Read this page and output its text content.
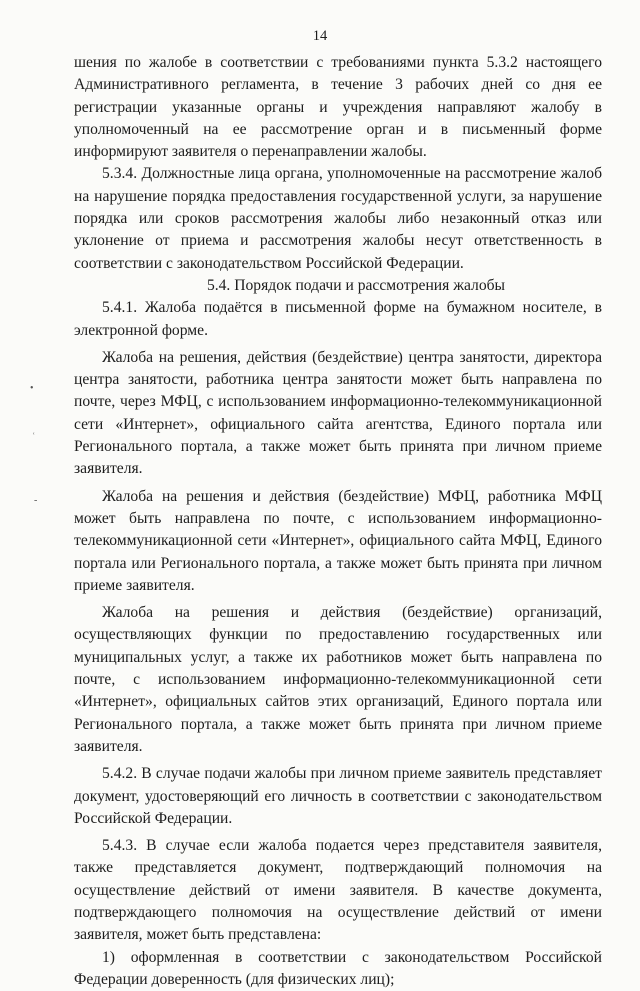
14
•
ʿ
-

шения по жалобе в соответствии с требованиями пункта 5.3.2 настоящего Административного регламента, в течение 3 рабочих дней со дня ее регистрации указанные органы и учреждения направляют жалобу в уполномоченный на ее рассмотрение орган и в письменный форме информируют заявителя о перенаправлении жалобы.

5.3.4. Должностные лица органа, уполномоченные на рассмотрение жалоб на нарушение порядка предоставления государственной услуги, за нарушение порядка или сроков рассмотрения жалобы либо незаконный отказ или уклонение от приема и рассмотрения жалобы несут ответственность в соответствии с законодательством Российской Федерации.

5.4. Порядок подачи и рассмотрения жалобы

5.4.1. Жалоба подаётся в письменной форме на бумажном носителе, в электронной форме.

Жалоба на решения, действия (бездействие) центра занятости, директора центра занятости, работника центра занятости может быть направлена по почте, через МФЦ, с использованием информационно-телекоммуникационной сети «Интернет», официального сайта агентства, Единого портала или Регионального портала, а также может быть принята при личном приеме заявителя.

Жалоба на решения и действия (бездействие) МФЦ, работника МФЦ может быть направлена по почте, с использованием информационно-телекоммуникационной сети «Интернет», официального сайта МФЦ, Единого портала или Регионального портала, а также может быть принята при личном приеме заявителя.

Жалоба на решения и действия (бездействие) организаций, осуществляющих функции по предоставлению государственных или муниципальных услуг, а также их работников может быть направлена по почте, с использованием информационно-телекоммуникационной сети «Интернет», официальных сайтов этих организаций, Единого портала или Регионального портала, а также может быть принята при личном приеме заявителя.

5.4.2. В случае подачи жалобы при личном приеме заявитель представляет документ, удостоверяющий его личность в соответствии с законодательством Российской Федерации.

5.4.3. В случае если жалоба подается через представителя заявителя, также представляется документ, подтверждающий полномочия на осуществление действий от имени заявителя. В качестве документа, подтверждающего полномочия на осуществление действий от имени заявителя, может быть представлена:

1) оформленная в соответствии с законодательством Российской Федерации доверенность (для физических лиц);
